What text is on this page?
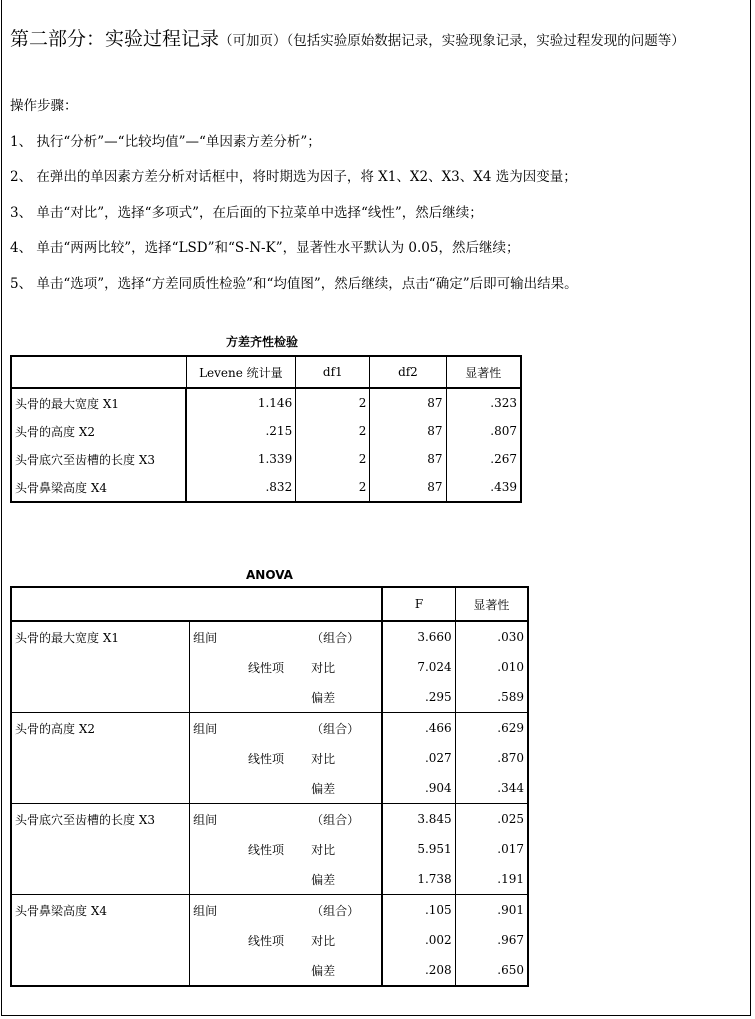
第二部分：实验过程记录（可加页）（包括实验原始数据记录，实验现象记录，实验过程发现的问题等）
操作步骤：
1、 执行“分析”—“比较均值”—“单因素方差分析”；
2、 在弹出的单因素方差分析对话框中，将时期选为因子，将 X1、X2、X3、X4 选为因变量；
3、 单击“对比”，选择“多项式”，在后面的下拉菜单中选择“线性”，然后继续；
4、 单击“两两比较”，选择“LSD”和“S-N-K”，显著性水平默认为 0.05，然后继续；
5、 单击“选项”，选择“方差同质性检验”和“均值图”，然后继续，点击“确定”后即可输出结果。
方差齐性检验
	Levene 统计量	df1	df2	显著性
头骨的最大宽度 X1	1.146	2	87	.323
头骨的高度 X2	.215	2	87	.807
头骨底穴至齿槽的长度 X3	1.339	2	87	.267
头骨鼻梁高度 X4	.832	2	87	.439
ANOVA
				F	显著性
头骨的最大宽度 X1	组间		（组合）	3.660	.030
		线性项	对比	7.024	.010
			偏差	.295	.589
头骨的高度 X2	组间		（组合）	.466	.629
		线性项	对比	.027	.870
			偏差	.904	.344
头骨底穴至齿槽的长度 X3	组间		（组合）	3.845	.025
		线性项	对比	5.951	.017
			偏差	1.738	.191
头骨鼻梁高度 X4	组间		（组合）	.105	.901
		线性项	对比	.002	.967
			偏差	.208	.650
